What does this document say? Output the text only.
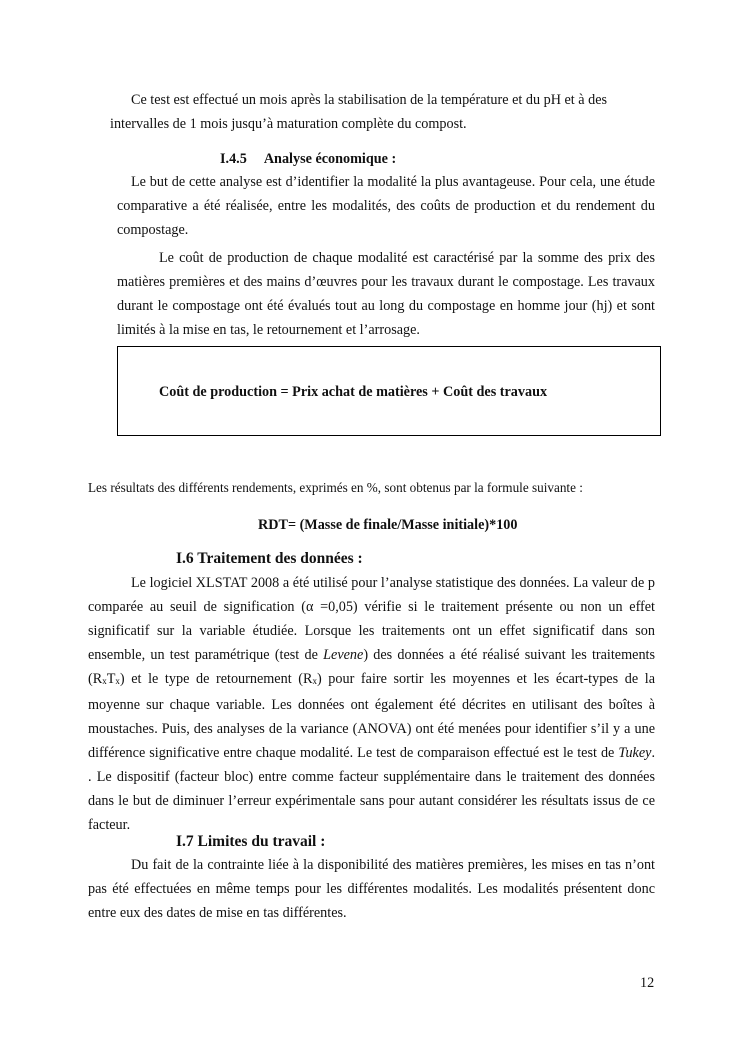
Ce test est effectué un mois après la stabilisation de la température et du pH et à des

intervalles de 1 mois jusqu’à maturation complète du compost.

I.4.5 Analyse économique :

Le but de cette analyse est d’identifier la modalité la plus avantageuse. Pour cela, une étude comparative a été réalisée, entre les modalités, des coûts de production et du rendement du compostage.

Le coût de production de chaque modalité est caractérisé par la somme des prix des matières premières et des mains d’œuvres pour les travaux durant le compostage. Les travaux durant le compostage ont été évalués tout au long du compostage en homme jour (hj) et sont limités à la mise en tas, le retournement et l’arrosage.

Coût de production = Prix achat de matières + Coût des travaux

Les résultats des différents rendements, exprimés en %, sont obtenus par la formule suivante :

RDT= (Masse de finale/Masse initiale)*100

I.6 Traitement des données :

Le logiciel XLSTAT 2008 a été utilisé pour l’analyse statistique des données. La valeur de p comparée au seuil de signification (α =0,05) vérifie si le traitement présente ou non un effet significatif sur la variable étudiée. Lorsque les traitements ont un effet significatif dans son ensemble, un test paramétrique (test de Levene) des données a été réalisé suivant les traitements (RxTx) et le type de retournement (Rx) pour faire sortir les moyennes et les écart-types de la moyenne sur chaque variable. Les données ont également été décrites en utilisant des boîtes à moustaches. Puis, des analyses de la variance (ANOVA) ont été menées pour identifier s’il y a une différence significative entre chaque modalité. Le test de comparaison effectué est le test de Tukey. . Le dispositif (facteur bloc) entre comme facteur supplémentaire dans le traitement des données dans le but de diminuer l’erreur expérimentale sans pour autant considérer les résultats issus de ce facteur.

I.7 Limites du travail :

Du fait de la contrainte liée à la disponibilité des matières premières, les mises en tas n’ont pas été effectuées en même temps pour les différentes modalités. Les modalités présentent donc entre eux des dates de mise en tas différentes.

12
